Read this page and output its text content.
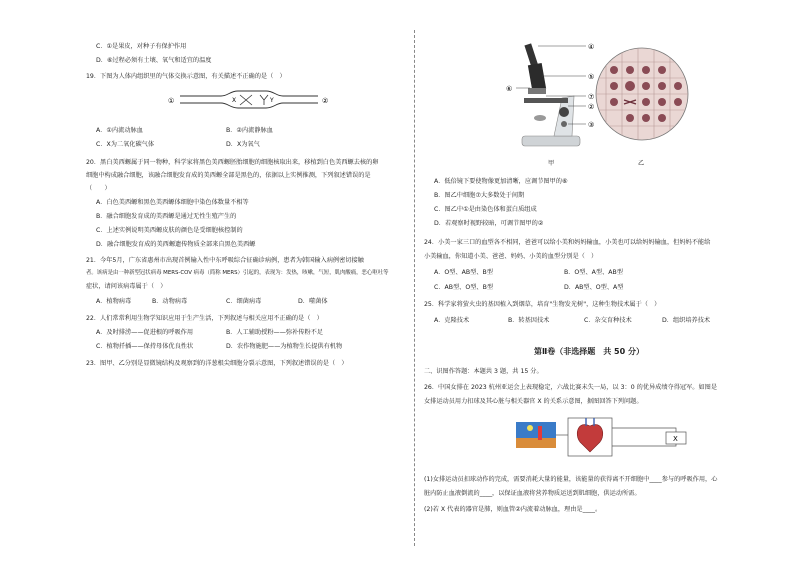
C．①是果皮，对种子有保护作用
D．⑥过程必须有土壤、氧气和适宜的温度
19．下图为人体内组织里的气体交换示意图，有关描述不正确的是（　）
①	X	Y	②
A．①内流动脉血	B．②内流静脉血
C．X为二氧化碳气体	D．X为氧气
20．黑白美西螈属于同一物种，科学家将黑色美西螈胚胎细胞的细胞核取出来，移植到白色美西螈去核的卵
细胞中构成融合细胞，该融合细胞发育成的美西螈全部是黑色的，依据以上实例推测，下列叙述错误的是
（　　）
A．白色美西螈和黑色美西螈体细胞中染色体数量不相等
B．融合细胞发育成的美西螈是通过无性生殖产生的
C．上述实例说明美西螈皮肤的颜色是受细胞核控制的
D．融合细胞发育成的美西螈遗传物质全部来自黑色美西螈
21．今年5月，广东省惠州市出现首例输入性中东呼吸综合征确诊病例，患者为韩国输入病例密切接触
者。该病是由一种新型冠状病毒 MERS-COV 病毒（简称 MERS）引起的，表现为：发热，咳嗽，气短，肌肉酸痛，恶心呕吐等
症状，请问该病毒属于（　）
A．植物病毒	B．动物病毒	C．细菌病毒	D．噬菌体
22．人们常常利用生物学知识应用于生产生活，下列叙述与相关应用不正确的是（　）
A．及时排涝——促进根的呼吸作用	B．人工辅助授粉——弥补传粉不足
C．植物扦插——保持母体优良性状	D．农作物施肥——为植物生长提供有机物
23．图甲、乙分别是显微镜结构及观察到的洋葱根尖细胞分裂示意图，下列叙述错误的是（　）
④
⑤
⑥
⑦
②
③
甲	乙
A．低倍镜下要使物像更加清晰，应调节图甲的⑥
B．图乙中细胞⑦大多数处于间期
C．图乙中①是由染色体和蛋白质组成
D．若观察时视野较暗，可调节图甲的②
24．小美一家三口的血型各不相同，爸爸可以给小美和妈妈输血，小美也可以给妈妈输血，但妈妈不能给
小美输血，你知道小美、爸爸、妈妈、小美的血型分别是（　）
A．O型、AB型、B型	B．O型、A型、AB型
C．AB型、O型、B型	D．AB型、O型、A型
25．科学家将萤火虫的基因植入到烟草，培育"生物发光树"，这种生物技术属于（　）
A．克隆技术	B．转基因技术	C．杂交育种技术	D．组织培养技术
第Ⅱ卷（非选择题　共 50 分）
二、识图作答题：本题共 3 题，共 15 分。
26．中国女排在 2023 杭州亚运会上表现稳定，六战比赛未失一局，以 3：0 的优异成绩夺得冠军。如图是
女排运动员用力扣球及其心脏与相关器官 X 的关系示意图，据图回答下列问题。
X
(1)女排运动员扣球动作的完成，需要消耗大量的能量，该能量的获得离不开细胞中____参与的呼吸作用，心
脏内防止血液倒流的____，以保证血液将营养物质运送到肌细胞，供运动所需。
(2)若 X 代表的器官是肺，则血管②内流着动脉血，理由是____。
